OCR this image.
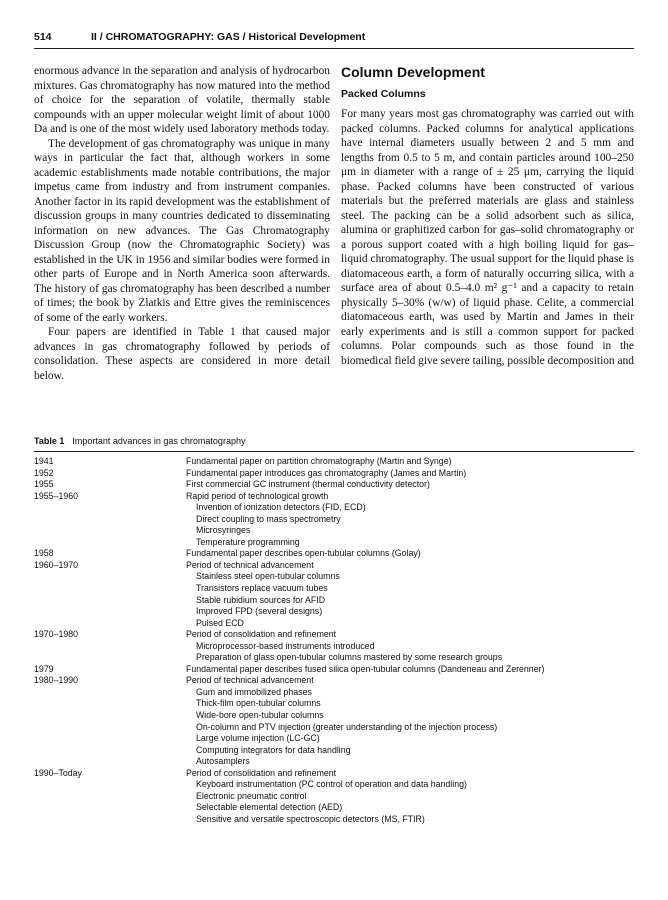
514	II / CHROMATOGRAPHY: GAS / Historical Development

enormous advance in the separation and analysis of hydrocarbon mixtures. Gas chromatography has now matured into the method of choice for the separation of volatile, thermally stable compounds with an upper molecular weight limit of about 1000 Da and is one of the most widely used laboratory methods today.

The development of gas chromatography was unique in many ways in particular the fact that, although workers in some academic establishments made notable contributions, the major impetus came from industry and from instrument companies. Another factor in its rapid development was the establishment of discussion groups in many countries dedicated to disseminating information on new advances. The Gas Chromatography Discussion Group (now the Chromatographic Society) was established in the UK in 1956 and similar bodies were formed in other parts of Europe and in North America soon afterwards. The history of gas chromatography has been described a number of times; the book by Zlatkis and Ettre gives the reminiscences of some of the early workers.

Four papers are identified in Table 1 that caused major advances in gas chromatography followed by periods of consolidation. These aspects are considered in more detail below.

Column Development
Packed Columns

For many years most gas chromatography was carried out with packed columns. Packed columns for analytical applications have internal diameters usually between 2 and 5 mm and lengths from 0.5 to 5 m, and contain particles around 100–250 μm in diameter with a range of ± 25 μm, carrying the liquid phase. Packed columns have been constructed of various materials but the preferred materials are glass and stainless steel. The packing can be a solid adsorbent such as silica, alumina or graphitized carbon for gas–solid chromatography or a porous support coated with a high boiling liquid for gas–liquid chromatography. The usual support for the liquid phase is diatomaceous earth, a form of naturally occurring silica, with a surface area of about 0.5–4.0 m² g⁻¹ and a capacity to retain physically 5–30% (w/w) of liquid phase. Celite, a commercial diatomaceous earth, was used by Martin and James in their early experiments and is still a common support for packed columns. Polar compounds such as those found in the biomedical field give severe tailing, possible decomposition and

Table 1 Important advances in gas chromatography
1941	Fundamental paper on partition chromatography (Martin and Synge)
1952	Fundamental paper introduces gas chromatography (James and Martin)
1955	First commercial GC instrument (thermal conductivity detector)
1955–1960	Rapid period of technological growth
Invention of ionization detectors (FID, ECD)
Direct coupling to mass spectrometry
Microsyringes
Temperature programming
1958	Fundamental paper describes open-tubular columns (Golay)
1960–1970	Period of technical advancement
Stainless steel open-tubular columns
Transistors replace vacuum tubes
Stable rubidium sources for AFID
Improved FPD (several designs)
Pulsed ECD
1970–1980	Period of consolidation and refinement
Microprocessor-based instruments introduced
Preparation of glass open-tubular columns mastered by some research groups
1979	Fundamental paper describes fused silica open-tubular columns (Dandeneau and Zerenner)
1980–1990	Period of technical advancement
Gum and immobilized phases
Thick-film open-tubular columns
Wide-bore open-tubular columns
On-column and PTV injection (greater understanding of the injection process)
Large volume injection (LC-GC)
Computing integrators for data handling
Autosamplers
1990–Today	Period of consolidation and refinement
Keyboard instrumentation (PC control of operation and data handling)
Electronic pneumatic control
Selectable elemental detection (AED)
Sensitive and versatile spectroscopic detectors (MS, FTIR)
